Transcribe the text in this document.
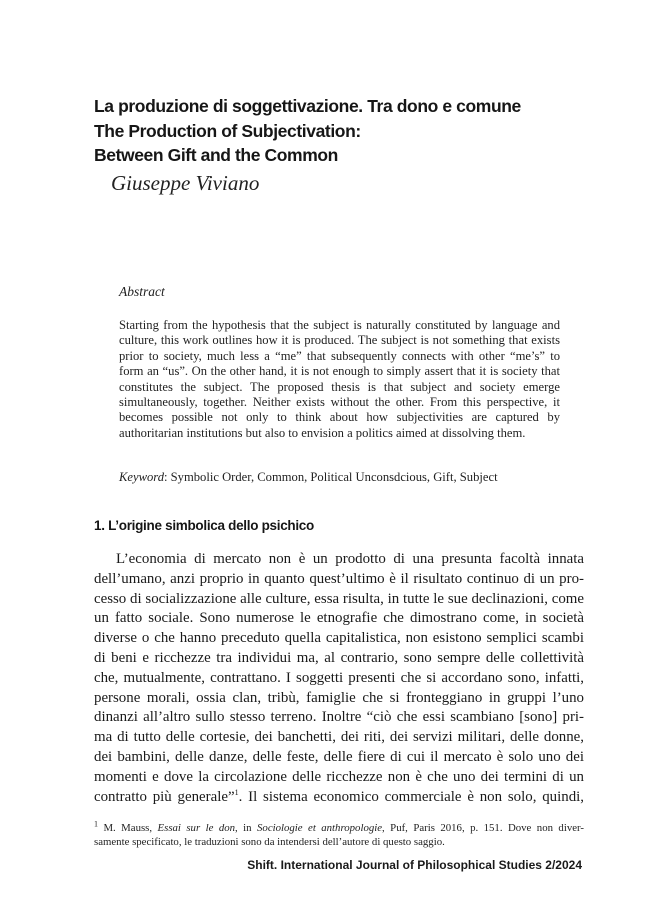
La produzione di soggettivazione. Tra dono e comune
The Production of Subjectivation:
Between Gift and the Common
Giuseppe Viviano
Abstract
Starting from the hypothesis that the subject is naturally constituted by language and culture, this work outlines how it is produced. The subject is not something that exists prior to society, much less a “me” that subsequently connects with other “me’s” to form an “us”. On the other hand, it is not enough to simply assert that it is society that constitutes the subject. The proposed thesis is that subject and society emerge simultaneously, together. Neither exists without the other. From this perspective, it becomes possible not only to think about how subjectivities are captured by authoritarian institutions but also to envision a politics aimed at dissolving them.
Keyword: Symbolic Order, Common, Political Unconsdcious, Gift, Subject
1. L’origine simbolica dello psichico
L’economia di mercato non è un prodotto di una presunta facoltà innata
dell’umano, anzi proprio in quanto quest’ultimo è il risultato continuo di un pro-
cesso di socializzazione alle culture, essa risulta, in tutte le sue declinazioni, come
un fatto sociale. Sono numerose le etnografie che dimostrano come, in società
diverse o che hanno preceduto quella capitalistica, non esistono semplici scambi
di beni e ricchezze tra individui ma, al contrario, sono sempre delle collettività
che, mutualmente, contrattano. I soggetti presenti che si accordano sono, infatti,
persone morali, ossia clan, tribù, famiglie che si fronteggiano in gruppi l’uno
dinanzi all’altro sullo stesso terreno. Inoltre “ciò che essi scambiano [sono] pri-
ma di tutto delle cortesie, dei banchetti, dei riti, dei servizi militari, delle donne,
dei bambini, delle danze, delle feste, delle fiere di cui il mercato è solo uno dei
momenti e dove la circolazione delle ricchezze non è che uno dei termini di un
contratto più generale”$^1$. Il sistema economico commerciale è non solo, quindi,
$^1$ M. Mauss, Essai sur le don, in Sociologie et anthropologie, Puf, Paris 2016, p. 151. Dove non diver-
samente specificato, le traduzioni sono da intendersi dell’autore di questo saggio.
Shift. International Journal of Philosophical Studies 2/2024
